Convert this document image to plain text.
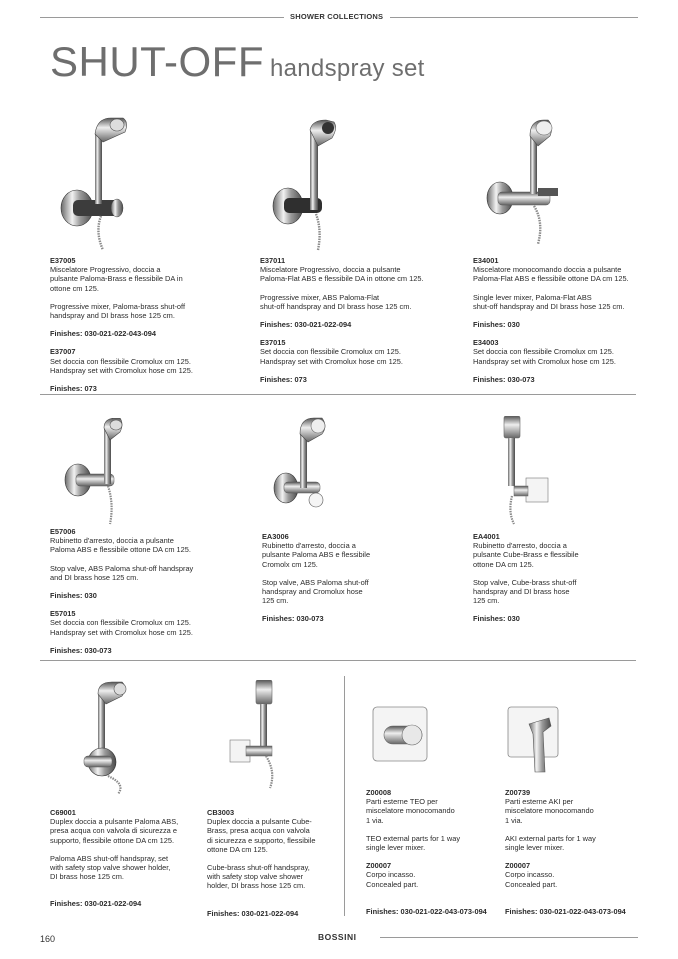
SHOWER COLLECTIONS
SHUT-OFF handspray set

E37005

Miscelatore Progressivo, doccia a

pulsante Paloma-Brass e flessibile DA in

ottone cm 125.

Progressive mixer, Paloma-brass shut-off

handspray and DI brass hose 125 cm.

Finishes: 030-021-022-043-094

E37007

Set doccia con flessibile Cromolux cm 125.

Handspray set with Cromolux hose cm 125.

Finishes: 073

E37011

Miscelatore Progressivo, doccia a pulsante

Paloma-Flat ABS e flessibile DA in ottone cm 125.

Progressive mixer, ABS Paloma-Flat

shut-off handspray and DI brass hose 125 cm.

Finishes: 030-021-022-094

E37015

Set doccia con flessibile Cromolux cm 125.

Handspray set with Cromolux hose cm 125.

Finishes: 073

E34001

Miscelatore monocomando doccia a pulsante

Paloma-Flat ABS e flessibile ottone DA cm 125.

Single lever mixer, Paloma-Flat ABS

shut-off handspray and DI brass hose 125 cm.

Finishes: 030

E34003

Set doccia con flessibile Cromolux cm 125.

Handspray set with Cromolux hose cm 125.

Finishes: 030-073

E57006

Rubinetto d'arresto, doccia a pulsante

Paloma ABS e flessibile ottone DA cm 125.

Stop valve, ABS Paloma shut-off handspray

and DI brass hose 125 cm.

Finishes: 030

E57015

Set doccia con flessibile Cromolux cm 125.

Handspray set with Cromolux hose cm 125.

Finishes: 030-073

EA3006

Rubinetto d'arresto, doccia a

pulsante Paloma ABS e flessibile

Cromolx cm 125.

Stop valve, ABS Paloma shut-off

handspray and Cromolux hose

125 cm.

Finishes: 030-073

EA4001

Rubinetto d'arresto, doccia a

pulsante Cube-Brass e flessibile

ottone DA cm 125.

Stop valve, Cube-brass shut-off

handspray and DI brass hose

125 cm.

Finishes: 030

C69001

Duplex doccia a pulsante Paloma ABS,

presa acqua con valvola di sicurezza e

supporto, flessibile ottone DA cm 125.

Paloma ABS shut-off handspray, set

with safety stop valve shower holder,

DI brass hose 125 cm.

Finishes: 030-021-022-094

CB3003

Duplex doccia a pulsante Cube-

Brass, presa acqua con valvola

di sicurezza e supporto, flessibile

ottone DA cm 125.

Cube-brass shut-off handspray,

with safety stop valve shower

holder, DI brass hose 125 cm.

Finishes: 030-021-022-094

Z00008

Parti esterne TEO per

miscelatore monocomando

1 via.

TEO external parts for 1 way

single lever mixer.

Z00007

Corpo incasso.

Concealed part.

Finishes: 030-021-022-043-073-094

Z00739

Parti esterne AKI per

miscelatore monocomando

1 via.

AKI external parts for 1 way

single lever mixer.

Z00007

Corpo incasso.

Concealed part.

Finishes: 030-021-022-043-073-094

160	BOSSINI
